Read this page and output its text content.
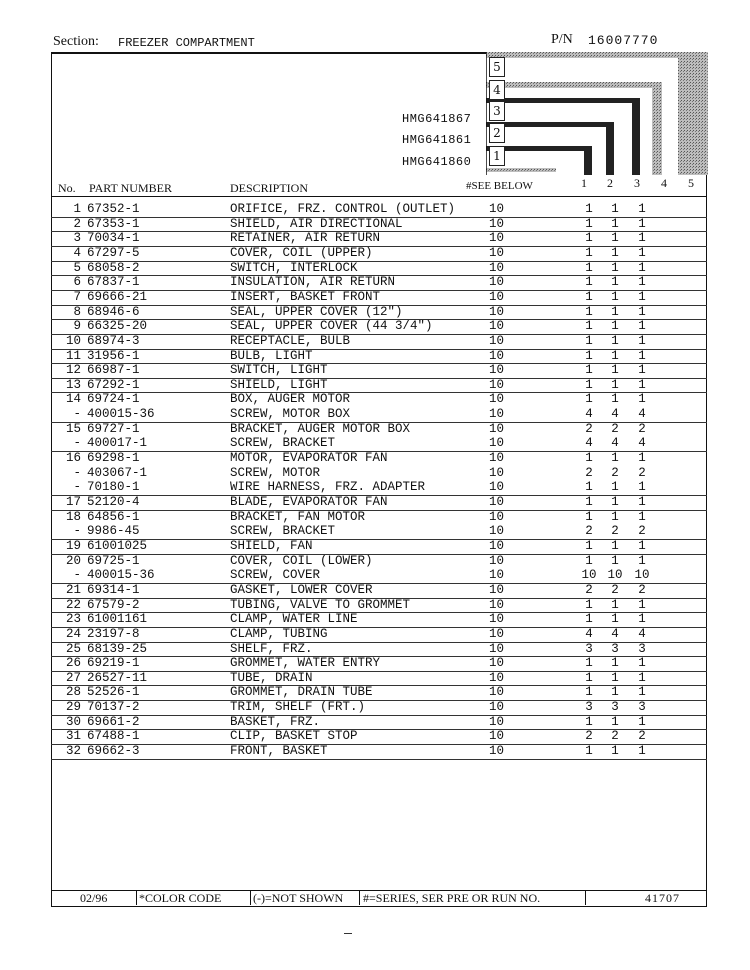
Section: FREEZER COMPARTMENT	P/N 16007770
5
4
3
2
1
HMG641867
HMG641861
HMG641860
No. PART NUMBER	DESCRIPTION	#SEE BELOW	1 2 3 4 5
1 67352-1	ORIFICE, FRZ. CONTROL (OUTLET)	10	1	1	1
2 67353-1	SHIELD, AIR DIRECTIONAL	10	1	1	1
3 70034-1	RETAINER, AIR RETURN	10	1	1	1
4 67297-5	COVER, COIL (UPPER)	10	1	1	1
5 68058-2	SWITCH, INTERLOCK	10	1	1	1
6 67837-1	INSULATION, AIR RETURN	10	1	1	1
7 69666-21	INSERT, BASKET FRONT	10	1	1	1
8 68946-6	SEAL, UPPER COVER (12")	10	1	1	1
9 66325-20	SEAL, UPPER COVER (44 3/4")	10	1	1	1
10 68974-3	RECEPTACLE, BULB	10	1	1	1
11 31956-1	BULB, LIGHT	10	1	1	1
12 66987-1	SWITCH, LIGHT	10	1	1	1
13 67292-1	SHIELD, LIGHT	10	1	1	1
14 69724-1	BOX, AUGER MOTOR	10	1	1	1
- 400015-36	SCREW, MOTOR BOX	10	4	4	4
15 69727-1	BRACKET, AUGER MOTOR BOX	10	2	2	2
- 400017-1	SCREW, BRACKET	10	4	4	4
16 69298-1	MOTOR, EVAPORATOR FAN	10	1	1	1
- 403067-1	SCREW, MOTOR	10	2	2	2
- 70180-1	WIRE HARNESS, FRZ. ADAPTER	10	1	1	1
17 52120-4	BLADE, EVAPORATOR FAN	10	1	1	1
18 64856-1	BRACKET, FAN MOTOR	10	1	1	1
- 9986-45	SCREW, BRACKET	10	2	2	2
19 61001025	SHIELD, FAN	10	1	1	1
20 69725-1	COVER, COIL (LOWER)	10	1	1	1
- 400015-36	SCREW, COVER	10	10 10 10
21 69314-1	GASKET, LOWER COVER	10	2	2	2
22 67579-2	TUBING, VALVE TO GROMMET	10	1	1	1
23 61001161	CLAMP, WATER LINE	10	1	1	1
24 23197-8	CLAMP, TUBING	10	4	4	4
25 68139-25	SHELF, FRZ.	10	3	3	3
26 69219-1	GROMMET, WATER ENTRY	10	1	1	1
27 26527-11	TUBE, DRAIN	10	1	1	1
28 52526-1	GROMMET, DRAIN TUBE	10	1	1	1
29 70137-2	TRIM, SHELF (FRT.)	10	3	3	3
30 69661-2	BASKET, FRZ.	10	1	1	1
31 67488-1	CLIP, BASKET STOP	10	2	2	2
32 69662-3	FRONT, BASKET	10	1	1	1
02/96	*COLOR CODE	(-)=NOT SHOWN #=SERIES, SER PRE OR RUN NO.	41707
